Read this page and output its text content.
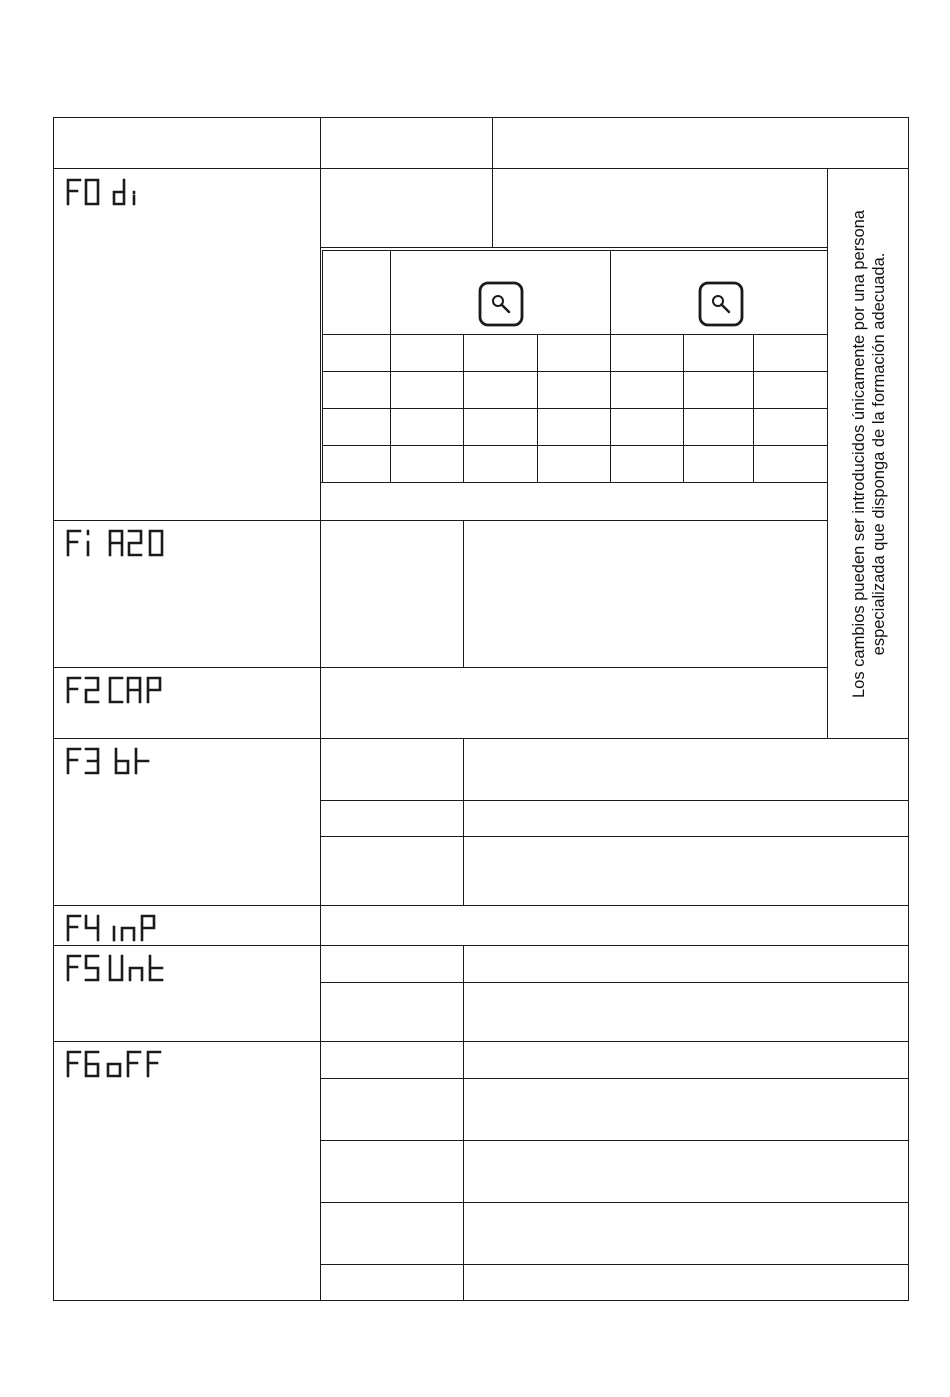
Los cambios pueden ser introducidos únicamente por una persona especializada que disponga de la formación adecuada.
